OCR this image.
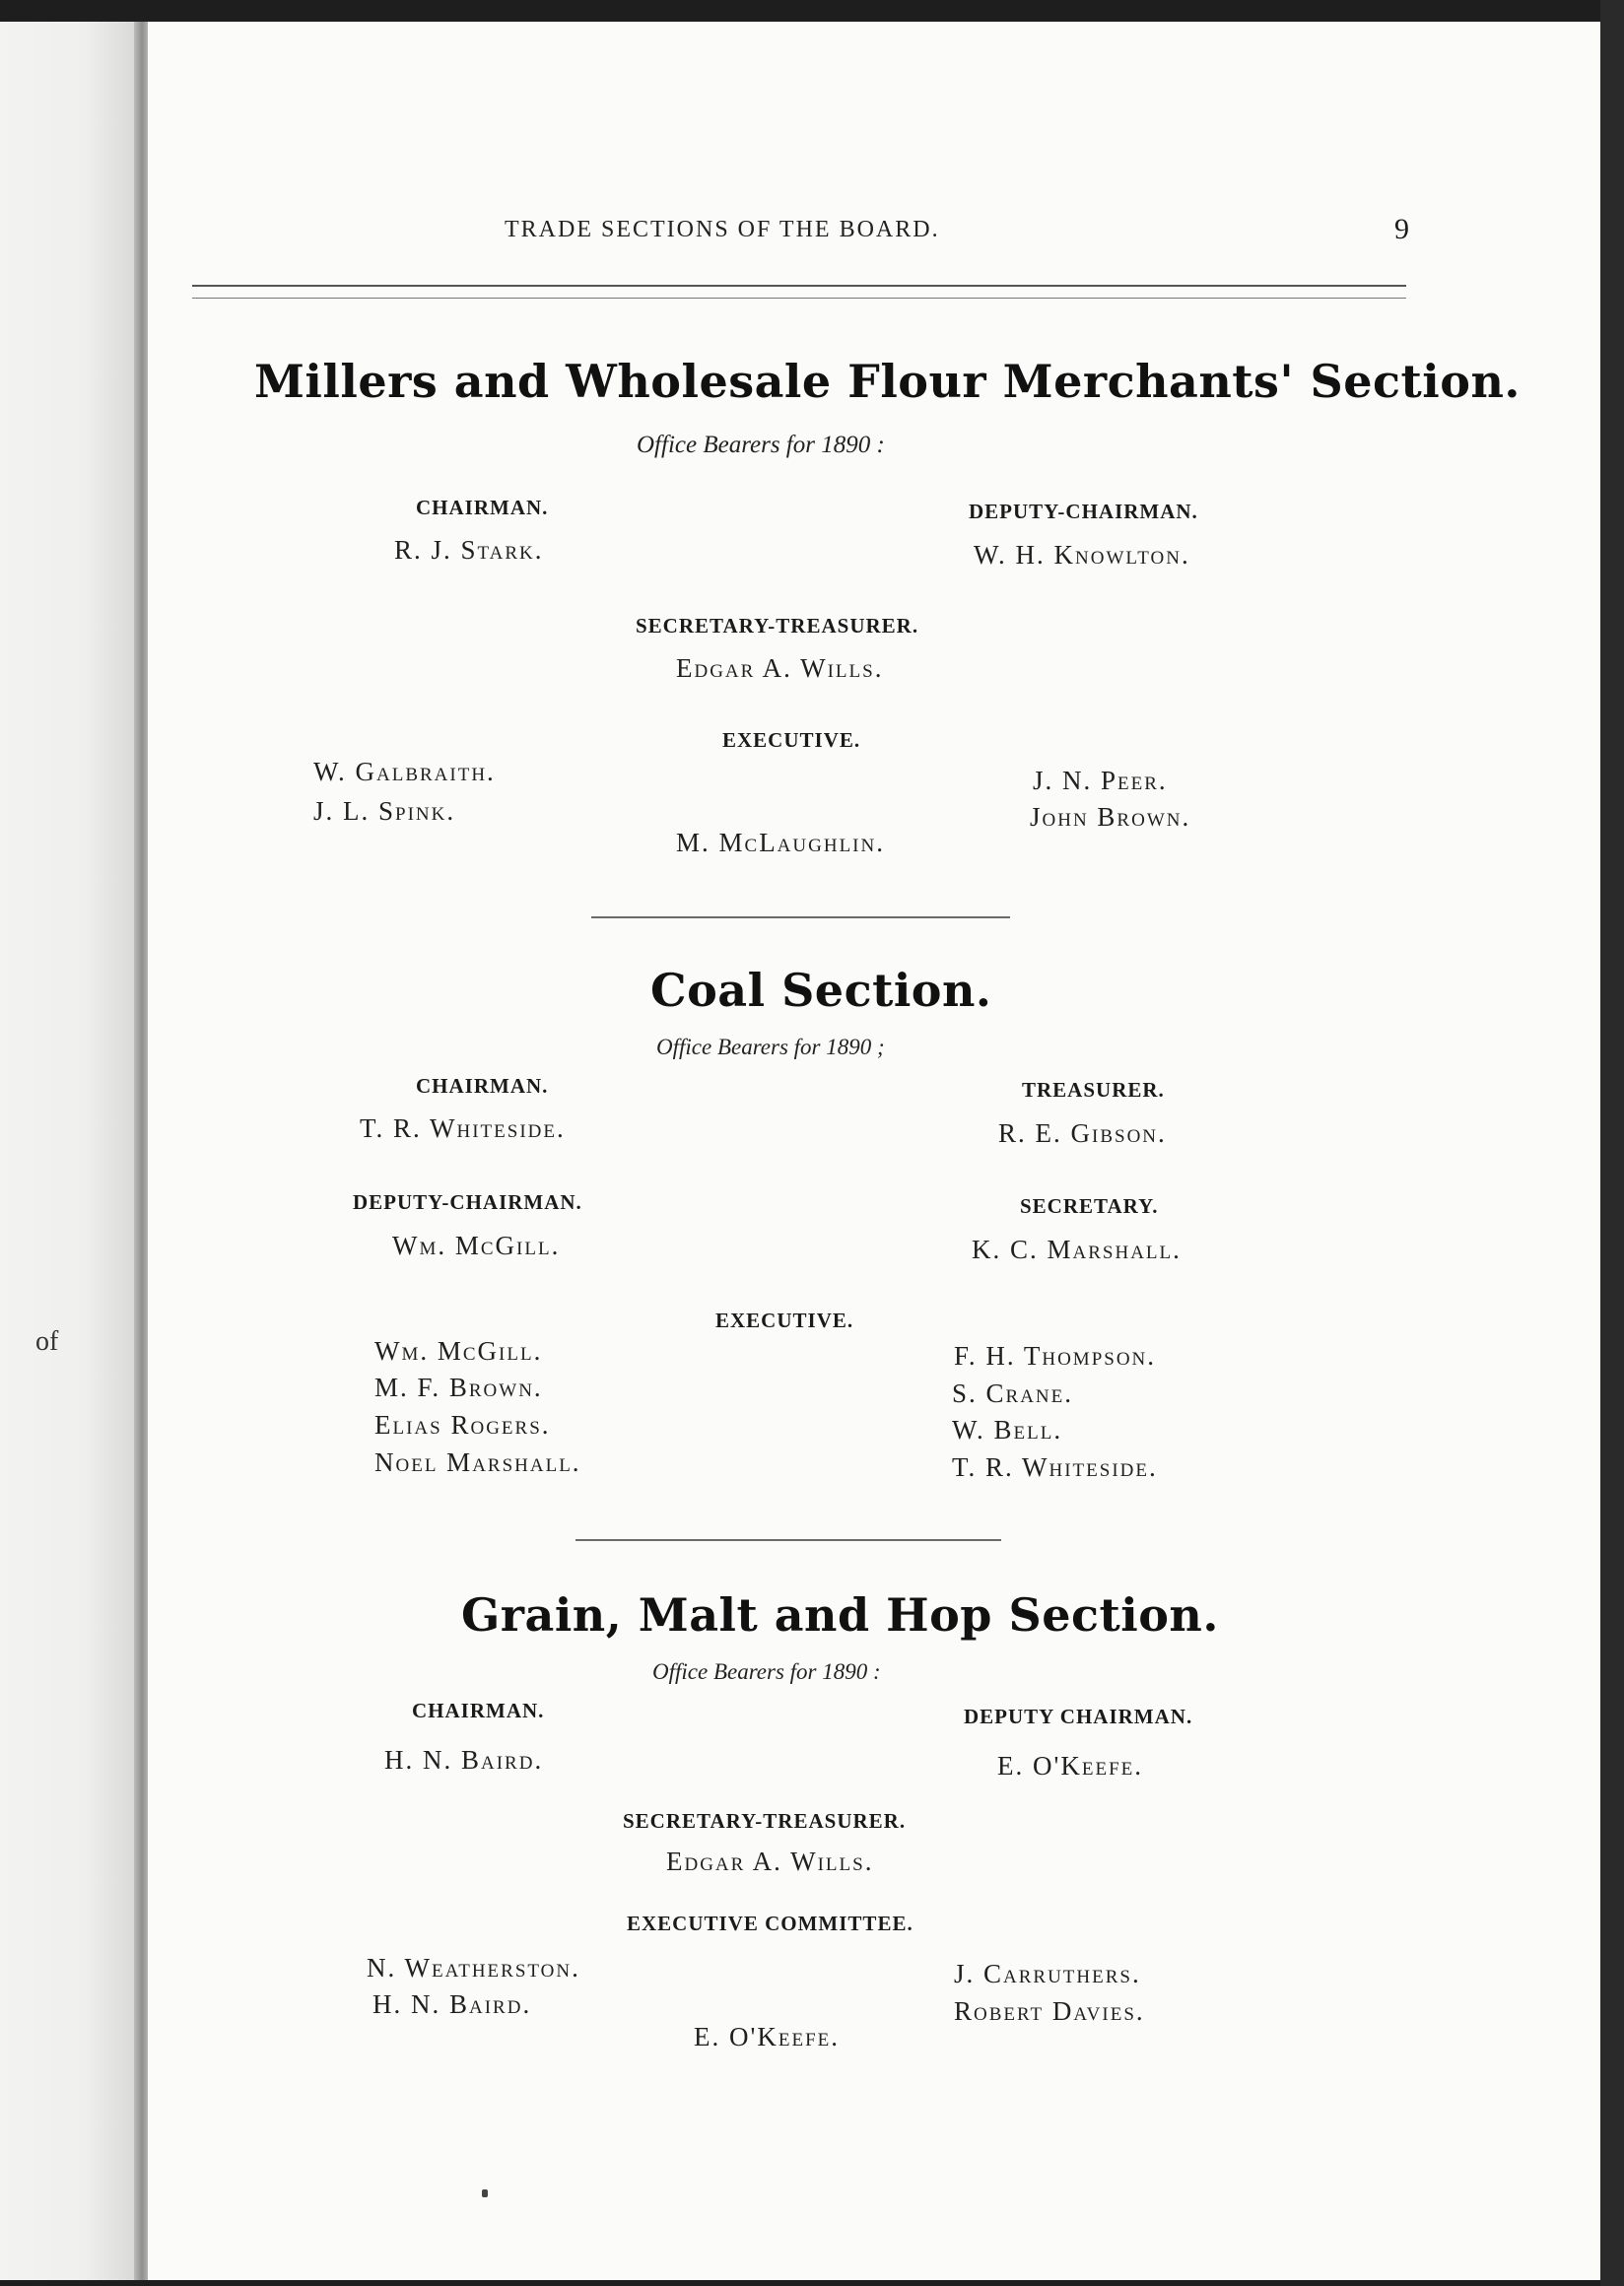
of
TRADE SECTIONS OF THE BOARD.	9
Millers and Wholesale Flour Merchants' Section.
Office Bearers for 1890 :
CHAIRMAN.
R. J. Stark.
DEPUTY-CHAIRMAN.
W. H. Knowlton.
SECRETARY-TREASURER.
Edgar A. Wills.
EXECUTIVE.
W. Galbraith.
J. L. Spink.
M. McLaughlin.
J. N. Peer.
John Brown.
Coal Section.
Office Bearers for 1890 ;
CHAIRMAN.
T. R. Whiteside.
TREASURER.
R. E. Gibson.
DEPUTY-CHAIRMAN.
Wm. McGill.
SECRETARY.
K. C. Marshall.
EXECUTIVE.
Wm. McGill.
M. F. Brown.
Elias Rogers.
Noel Marshall.
F. H. Thompson.
S. Crane.
W. Bell.
T. R. Whiteside.
Grain, Malt and Hop Section.
Office Bearers for 1890 :
CHAIRMAN.
H. N. Baird.
DEPUTY CHAIRMAN.
E. O'Keefe.
SECRETARY-TREASURER.
Edgar A. Wills.
EXECUTIVE COMMITTEE.
N. Weatherston.
H. N. Baird.
E. O'Keefe.
J. Carruthers.
Robert Davies.
